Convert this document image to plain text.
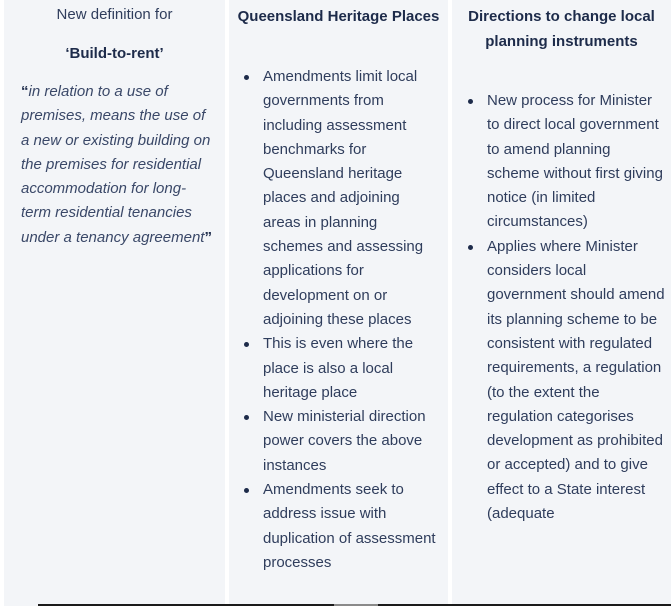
New definition for
‘Build-to-rent’
“in relation to a use of premises, means the use of a new or existing building on the premises for residential accommodation for long-term residential tenancies under a tenancy agreement”
Queensland Heritage Places
Amendments limit local governments from including assessment benchmarks for Queensland heritage places and adjoining areas in planning schemes and assessing applications for development on or adjoining these places
This is even where the place is also a local heritage place
New ministerial direction power covers the above instances
Amendments seek to address issue with duplication of assessment processes
Directions to change local planning instruments
New process for Minister to direct local government to amend planning scheme without first giving notice (in limited circumstances)
Applies where Minister considers local government should amend its planning scheme to be consistent with regulated requirements, a regulation (to the extent the regulation categorises development as prohibited or accepted) and to give effect to a State interest (adequate
